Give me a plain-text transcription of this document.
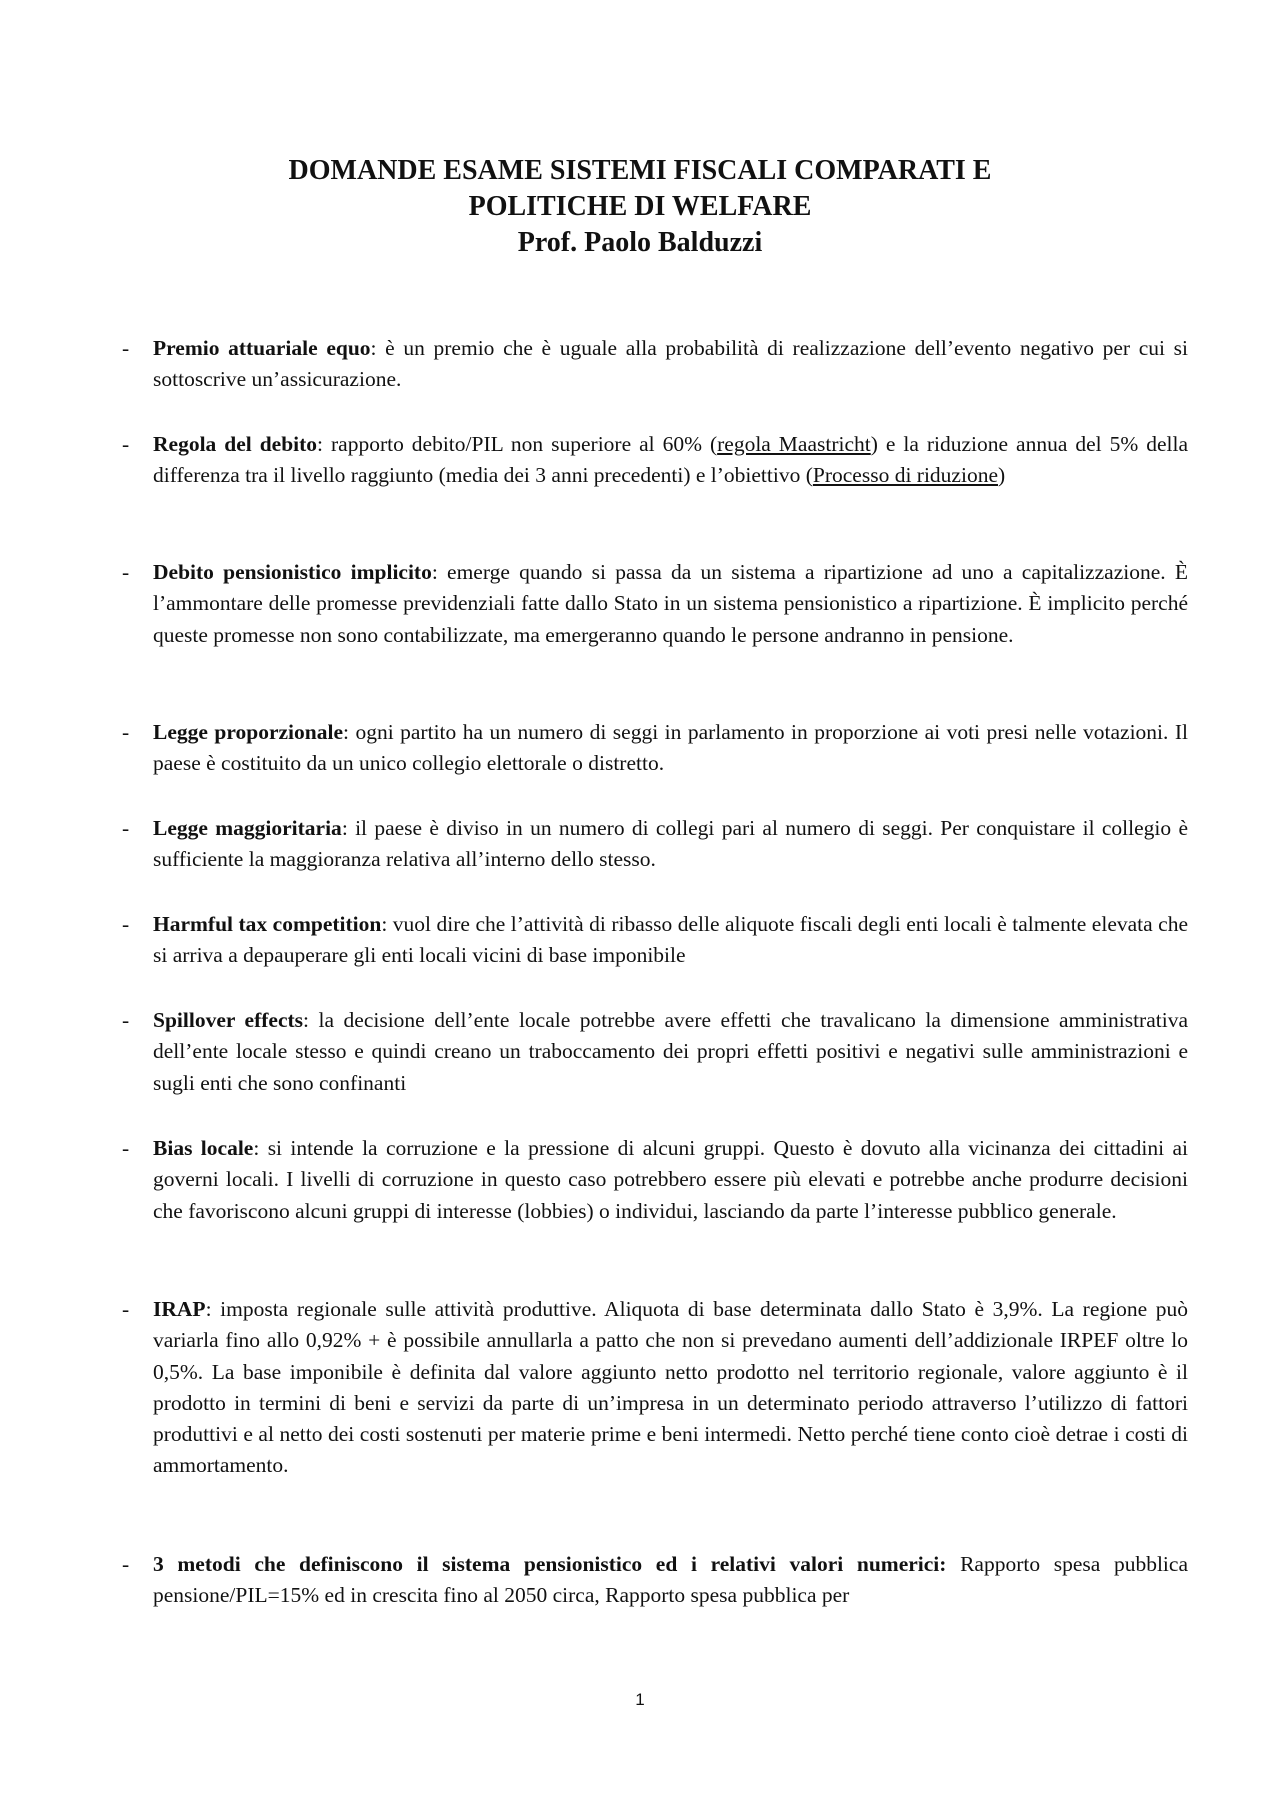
DOMANDE ESAME SISTEMI FISCALI COMPARATI E
POLITICHE DI WELFARE
Prof. Paolo Balduzzi
- Premio attuariale equo: è un premio che è uguale alla probabilità di realizzazione dell’evento negativo per cui si sottoscrive un’assicurazione.
- Regola del debito: rapporto debito/PIL non superiore al 60% (regola Maastricht) e la riduzione annua del 5% della differenza tra il livello raggiunto (media dei 3 anni precedenti) e l’obiettivo (Processo di riduzione)
- Debito pensionistico implicito: emerge quando si passa da un sistema a ripartizione ad uno a capitalizzazione. È l’ammontare delle promesse previdenziali fatte dallo Stato in un sistema pensionistico a ripartizione. È implicito perché queste promesse non sono contabilizzate, ma emergeranno quando le persone andranno in pensione.
- Legge proporzionale: ogni partito ha un numero di seggi in parlamento in proporzione ai voti presi nelle votazioni. Il paese è costituito da un unico collegio elettorale o distretto.
- Legge maggioritaria: il paese è diviso in un numero di collegi pari al numero di seggi. Per conquistare il collegio è sufficiente la maggioranza relativa all’interno dello stesso.
- Harmful tax competition: vuol dire che l’attività di ribasso delle aliquote fiscali degli enti locali è talmente elevata che si arriva a depauperare gli enti locali vicini di base imponibile
- Spillover effects: la decisione dell’ente locale potrebbe avere effetti che travalicano la dimensione amministrativa dell’ente locale stesso e quindi creano un traboccamento dei propri effetti positivi e negativi sulle amministrazioni e sugli enti che sono confinanti
- Bias locale: si intende la corruzione e la pressione di alcuni gruppi. Questo è dovuto alla vicinanza dei cittadini ai governi locali. I livelli di corruzione in questo caso potrebbero essere più elevati e potrebbe anche produrre decisioni che favoriscono alcuni gruppi di interesse (lobbies) o individui, lasciando da parte l’interesse pubblico generale.
- IRAP: imposta regionale sulle attività produttive. Aliquota di base determinata dallo Stato è 3,9%. La regione può variarla fino allo 0,92% + è possibile annullarla a patto che non si prevedano aumenti dell’addizionale IRPEF oltre lo 0,5%. La base imponibile è definita dal valore aggiunto netto prodotto nel territorio regionale, valore aggiunto è il prodotto in termini di beni e servizi da parte di un’impresa in un determinato periodo attraverso l’utilizzo di fattori produttivi e al netto dei costi sostenuti per materie prime e beni intermedi. Netto perché tiene conto cioè detrae i costi di ammortamento.
- 3 metodi che definiscono il sistema pensionistico ed i relativi valori numerici: Rapporto spesa pubblica pensione/PIL=15% ed in crescita fino al 2050 circa, Rapporto spesa pubblica per
1
